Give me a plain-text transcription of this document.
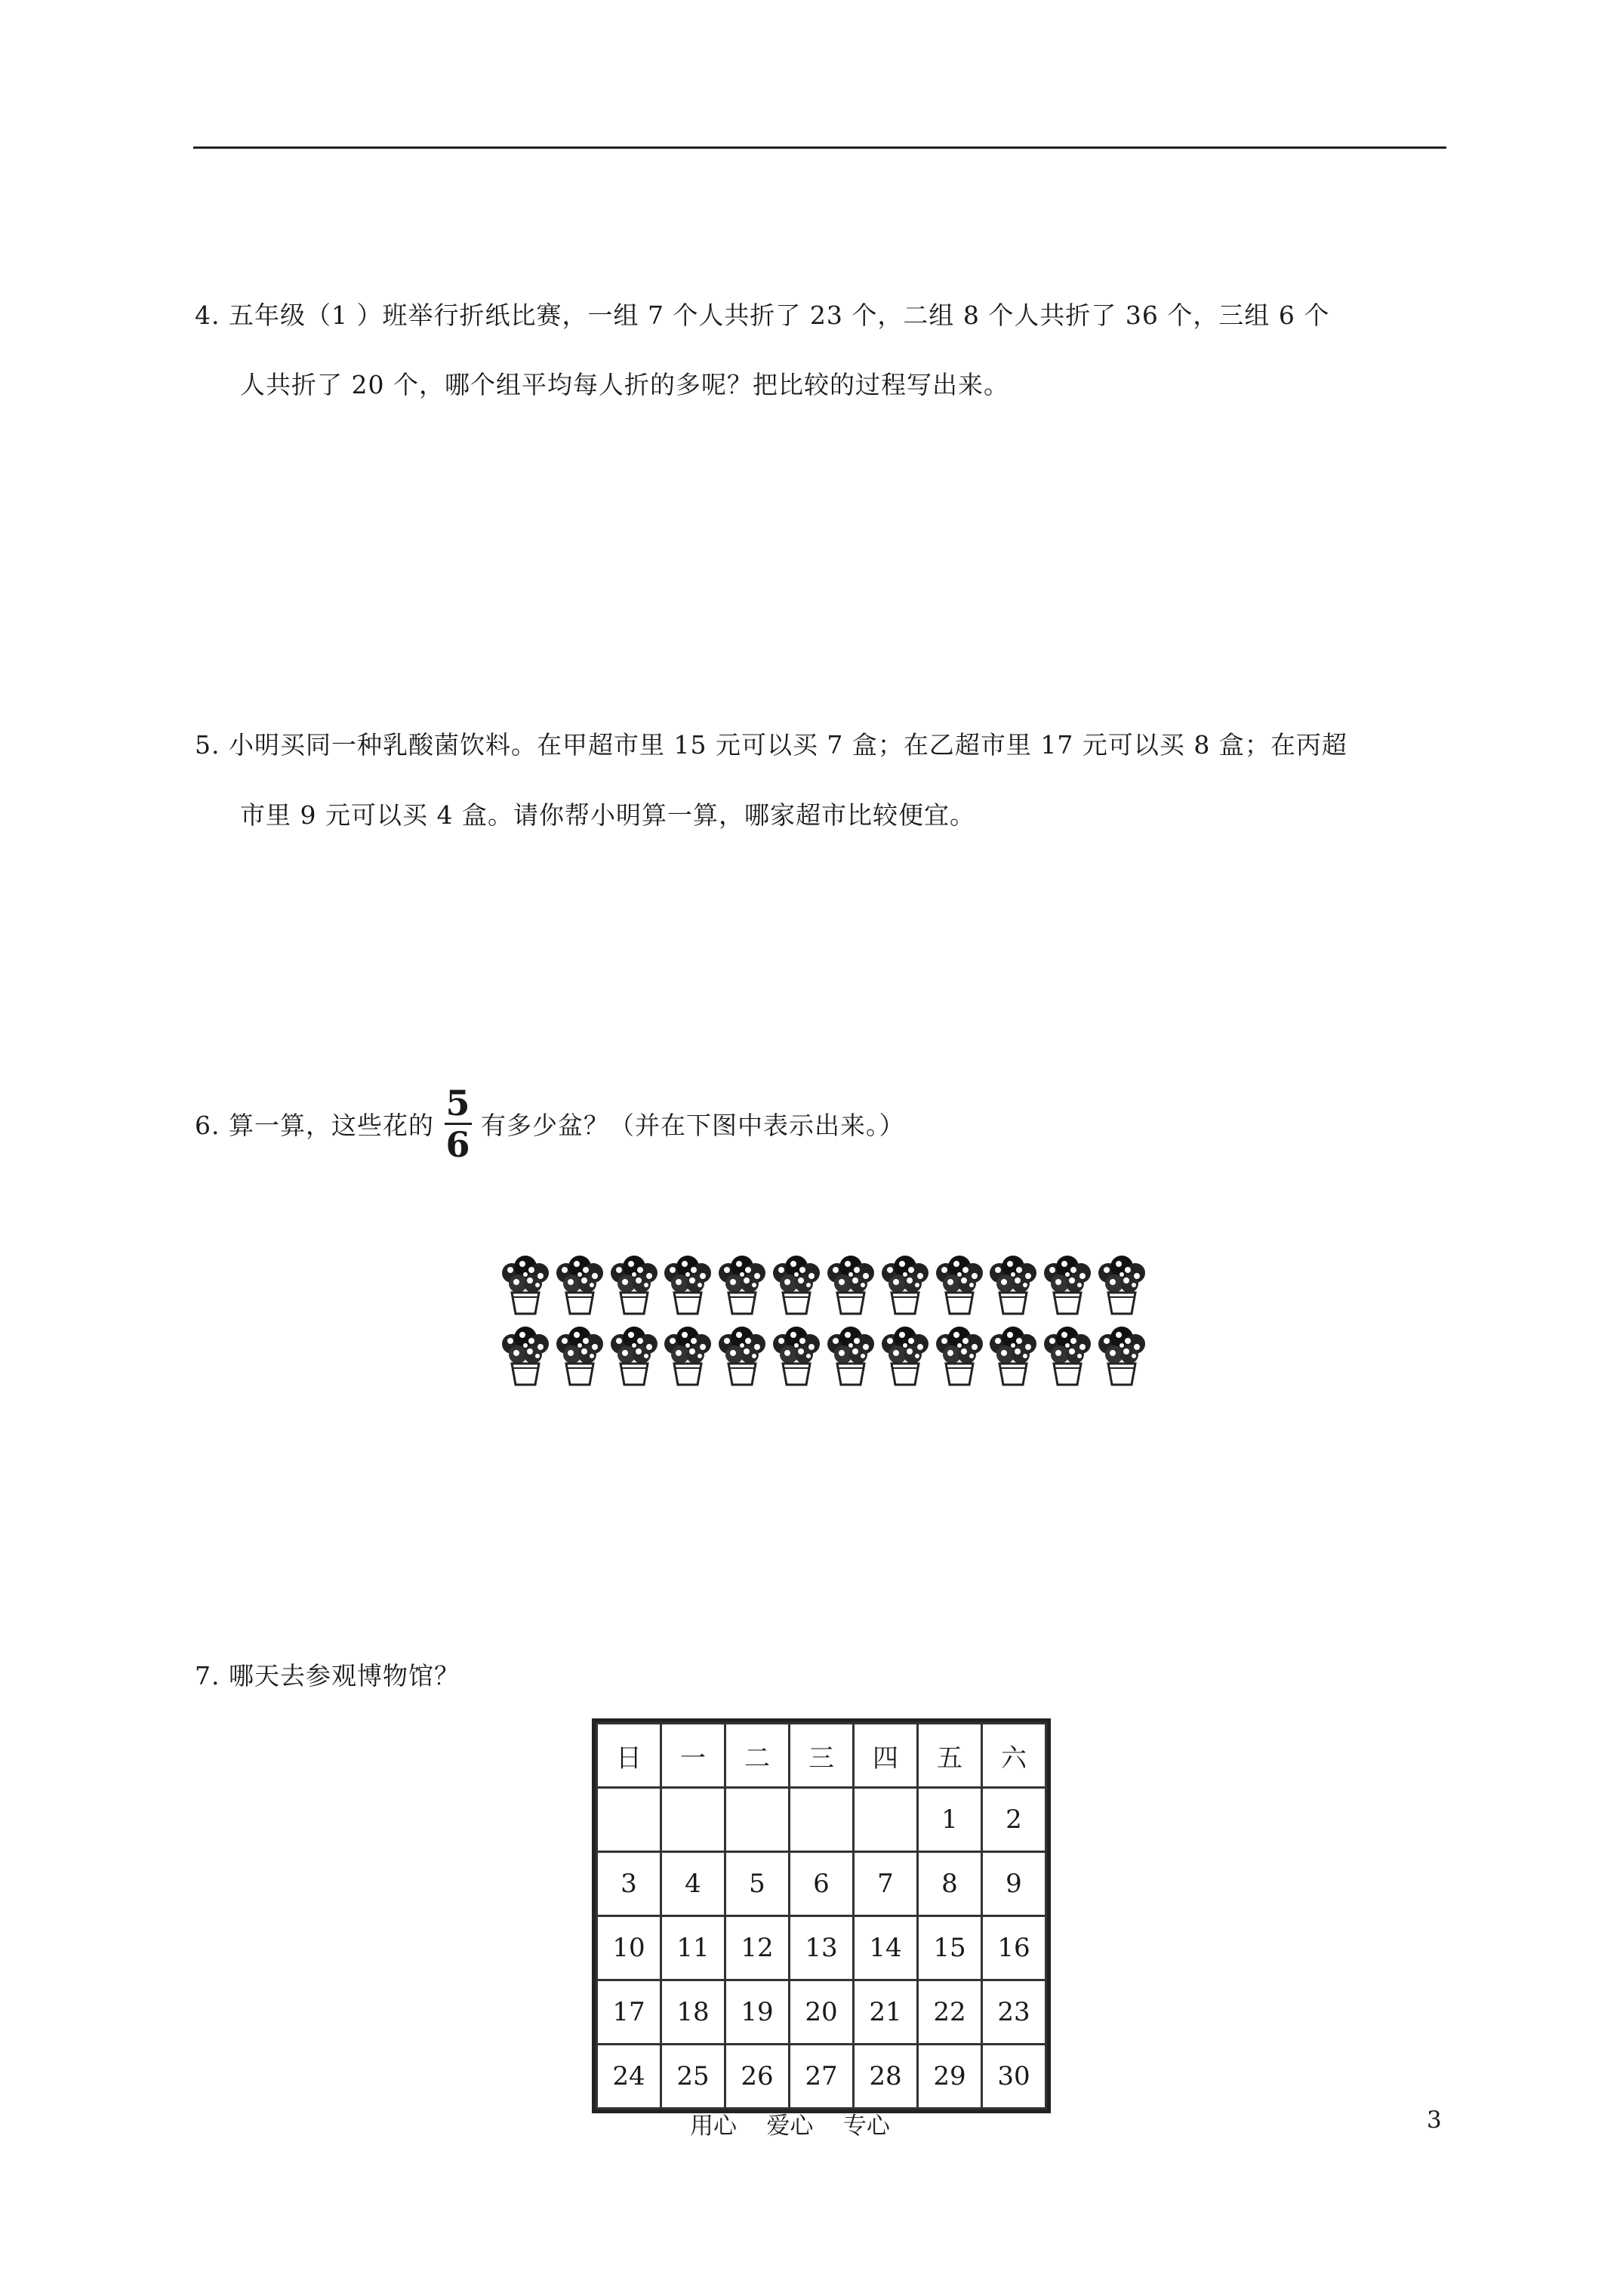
4. 五年级（1 ）班举行折纸比赛，一组 7 个人共折了 23 个，二组 8 个人共折了 36 个，三组 6 个
人共折了 20 个，哪个组平均每人折的多呢？把比较的过程写出来。
5. 小明买同一种乳酸菌饮料。在甲超市里 15 元可以买 7 盒；在乙超市里 17 元可以买 8 盒；在丙超
市里 9 元可以买 4 盒。请你帮小明算一算，哪家超市比较便宜。
6. 算一算，这些花的 $\frac{5}{6}$ 有多少盆？（并在下图中表示出来。）
7. 哪天去参观博物馆？
日	一	二	三	四	五	六
					1	2
3	4	5	6	7	8	9
10	11	12	13	14	15	16
17	18	19	20	21	22	23
24	25	26	27	28	29	30
用心    爱心    专心	3
